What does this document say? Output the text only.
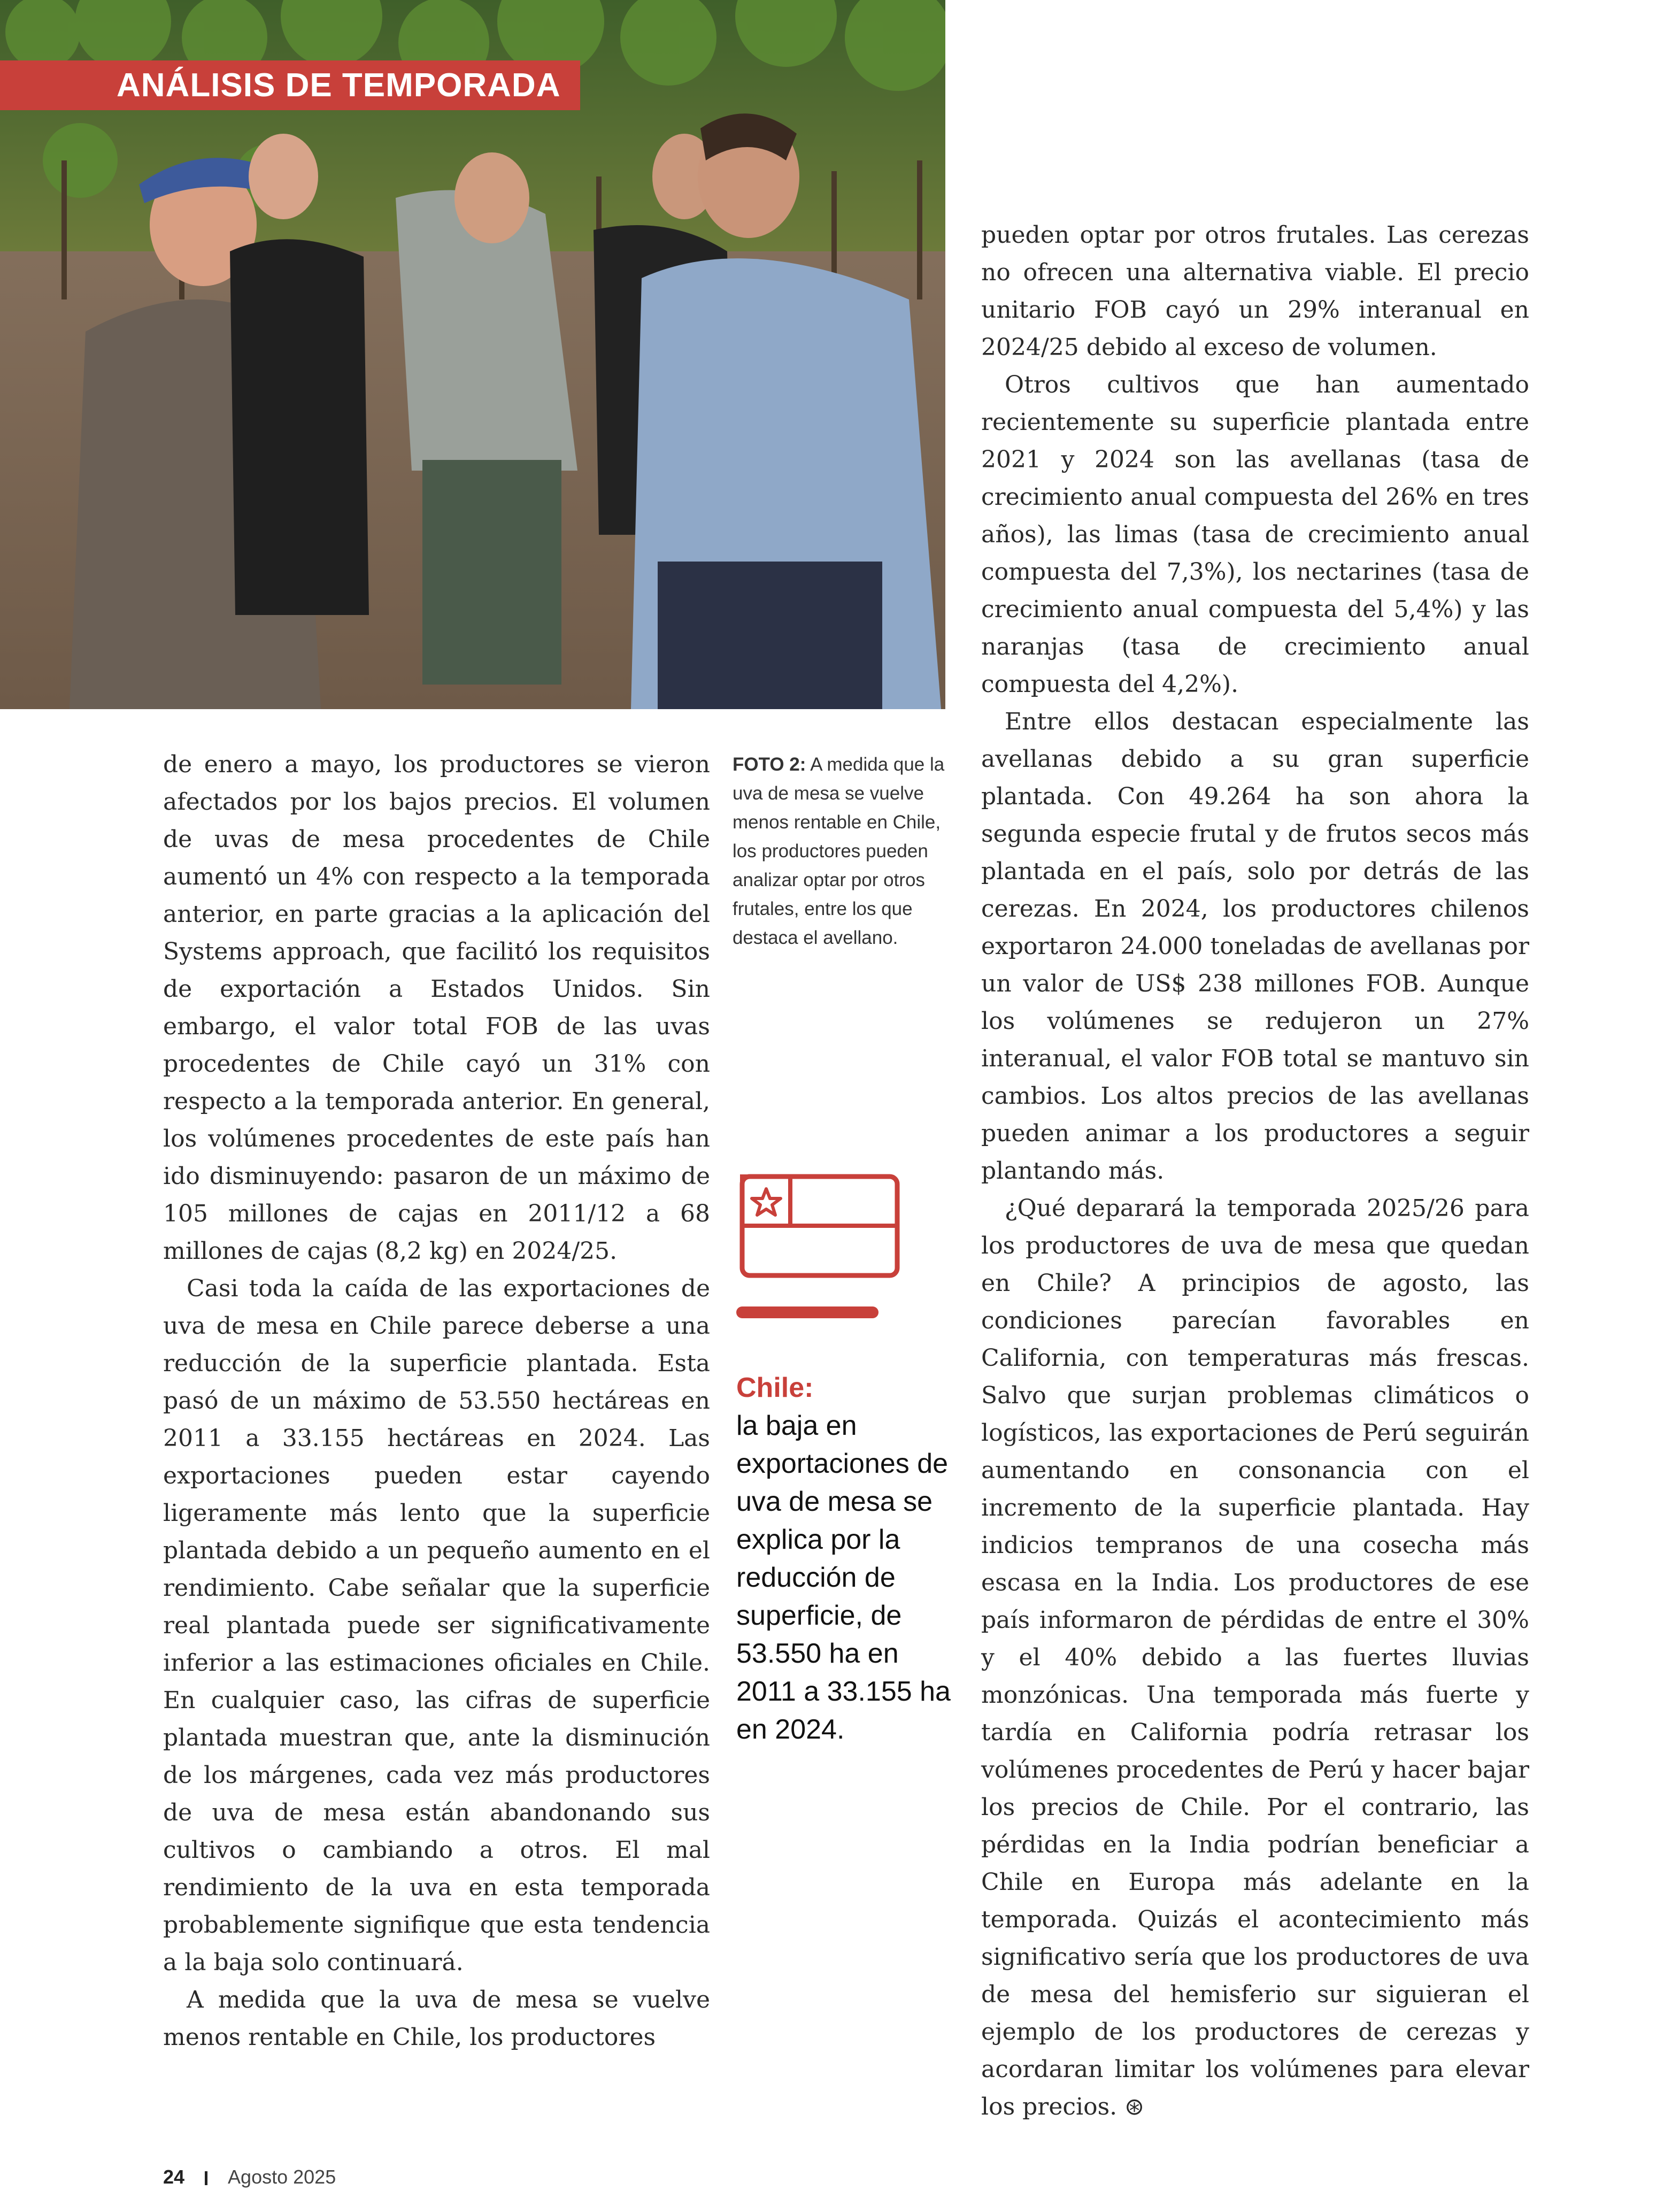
ANÁLISIS DE TEMPORADA

de enero a mayo, los productores se vieron afectados por los bajos precios. El volumen de uvas de mesa procedentes de Chile aumentó un 4% con respecto a la temporada anterior, en parte gracias a la aplicación del Systems approach, que facilitó los requisitos de exportación a Estados Unidos. Sin embargo, el valor total FOB de las uvas procedentes de Chile cayó un 31% con respecto a la temporada anterior. En general, los volúmenes procedentes de este país han ido disminuyendo: pasaron de un máximo de 105 millones de cajas en 2011/12 a 68 millones de cajas (8,2 kg) en 2024/25.

Casi toda la caída de las exportaciones de uva de mesa en Chile parece deberse a una reducción de la superficie plantada. Esta pasó de un máximo de 53.550 hectáreas en 2011 a 33.155 hectáreas en 2024. Las exportaciones pueden estar cayendo ligeramente más lento que la superficie plantada debido a un pequeño aumento en el rendimiento. Cabe señalar que la superficie real plantada puede ser significativamente inferior a las estimaciones oficiales en Chile. En cualquier caso, las cifras de superficie plantada muestran que, ante la disminución de los márgenes, cada vez más productores de uva de mesa están abandonando sus cultivos o cambiando a otros. El mal rendimiento de la uva en esta temporada probablemente signifique que esta tendencia a la baja solo continuará.

A medida que la uva de mesa se vuelve menos rentable en Chile, los productores

FOTO 2: A medida que la uva de mesa se vuelve menos rentable en Chile, los productores pueden analizar optar por otros frutales, entre los que destaca el avellano.
Chile:
la baja en exportaciones de uva de mesa se explica por la reducción de superficie, de 53.550 ha en 2011 a 33.155 ha en 2024.

pueden optar por otros frutales. Las cerezas no ofrecen una alternativa viable. El precio unitario FOB cayó un 29% interanual en 2024/25 debido al exceso de volumen.

Otros cultivos que han aumentado recientemente su superficie plantada entre 2021 y 2024 son las avellanas (tasa de crecimiento anual compuesta del 26% en tres años), las limas (tasa de crecimiento anual compuesta del 7,3%), los nectarines (tasa de crecimiento anual compuesta del 5,4%) y las naranjas (tasa de crecimiento anual compuesta del 4,2%).

Entre ellos destacan especialmente las avellanas debido a su gran superficie plantada. Con 49.264 ha son ahora la segunda especie frutal y de frutos secos más plantada en el país, solo por detrás de las cerezas. En 2024, los productores chilenos exportaron 24.000 toneladas de avellanas por un valor de US$ 238 millones FOB. Aunque los volúmenes se redujeron un 27% interanual, el valor FOB total se mantuvo sin cambios. Los altos precios de las avellanas pueden animar a los productores a seguir plantando más.

¿Qué deparará la temporada 2025/26 para los productores de uva de mesa que quedan en Chile? A principios de agosto, las condiciones parecían favorables en California, con temperaturas más frescas. Salvo que surjan problemas climáticos o logísticos, las exportaciones de Perú seguirán aumentando en consonancia con el incremento de la superficie plantada. Hay indicios tempranos de una cosecha más escasa en la India. Los productores de ese país informaron de pérdidas de entre el 30% y el 40% debido a las fuertes lluvias monzónicas. Una temporada más fuerte y tardía en California podría retrasar los volúmenes procedentes de Perú y hacer bajar los precios de Chile. Por el contrario, las pérdidas en la India podrían beneficiar a Chile en Europa más adelante en la temporada. Quizás el acontecimiento más significativo sería que los productores de uva de mesa del hemisferio sur siguieran el ejemplo de los productores de cerezas y acordaran limitar los volúmenes para elevar los precios. ⊛

24 Agosto 2025
